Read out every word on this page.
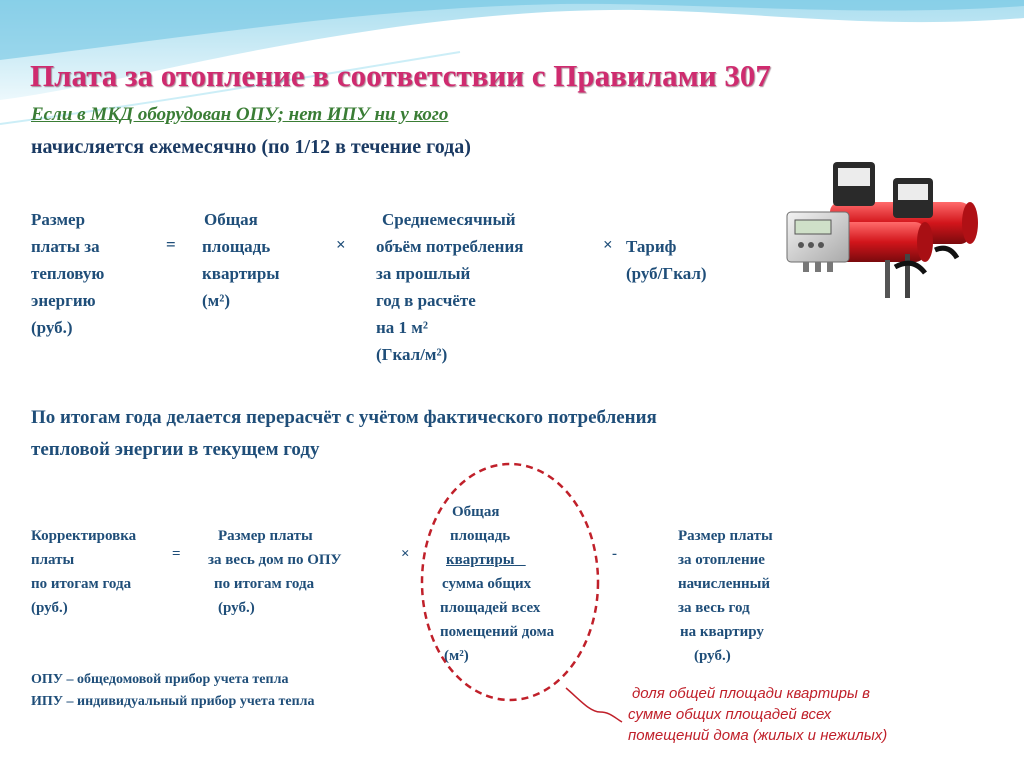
Плата за отопление в соответствии с Правилами 307
Если в МКД оборудован ОПУ; нет ИПУ ни у кого
начисляется ежемесячно (по 1/12 в течение года)
Размер
платы за
тепловую
энергию
(руб.)
=
Общая
площадь
квартиры
(м²)
×
Среднемесячный
объём потребления
за прошлый
год в расчёте
на 1 м²
(Гкал/м²)
× Тариф
(руб/Гкал)
По итогам года делается перерасчёт с учётом фактического потребления
тепловой энергии в текущем году
Корректировка
платы
по итогам года
(руб.)
=
Размер платы
за весь дом по ОПУ
по итогам года
(руб.)
×
Общая
площадь
квартиры
сумма общих
площадей всех
помещений дома
(м²)
-
Размер платы
за отопление
начисленный
за весь год
на квартиру
(руб.)
ОПУ – общедомовой прибор учета тепла
ИПУ – индивидуальный прибор учета тепла	доля общей площади квартиры в
сумме общих площадей всех
помещений дома (жилых и нежилых)
